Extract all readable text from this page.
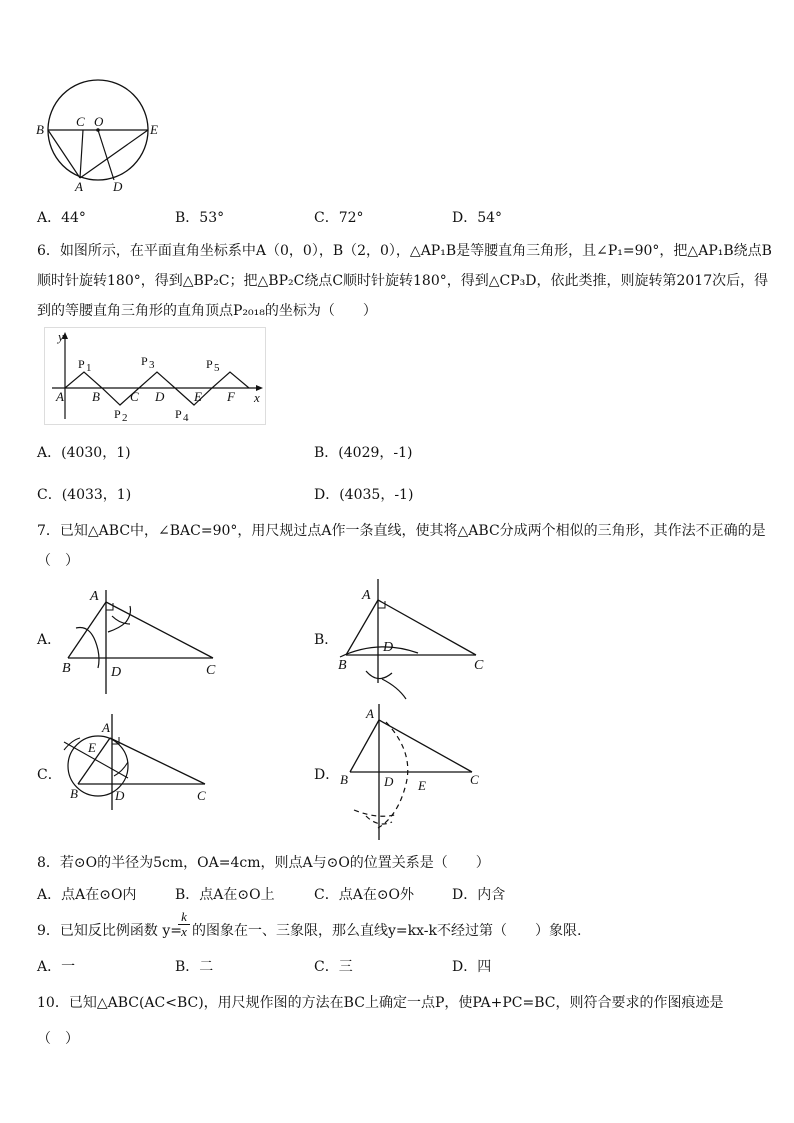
B
C O
E
A D
A．44°	B．53°	C．72°	D．54°
6．如图所示，在平面直角坐标系中A（0，0），B（2，0），△AP₁B是等腰直角三角形，且∠P₁=90°，把△AP₁B绕点B
顺时针旋转180°，得到△BP₂C；把△BP₂C绕点C顺时针旋转180°，得到△CP₃D，依此类推，则旋转第2017次后，得
到的等腰直角三角形的直角顶点P₂₀₁₈的坐标为（　　）
y
x
A B C D E F
P 1
P 2
P 3
P 4
P 5
A．(4030，1)	B．(4029，-1)
C．(4033，1)	D．(4035，-1)
7．已知△ABC中，∠BAC=90°，用尺规过点A作一条直线，使其将△ABC分成两个相似的三角形，其作法不正确的是
（　）
A．
A
B	C
D
B．
A
B	C
D
C．
A
B	C
D
E
D．
A
B	C
D E
8．若⊙O的半径为5cm，OA=4cm，则点A与⊙O的位置关系是（　　）
A．点A在⊙O内	B．点A在⊙O上	C．点A在⊙O外	D．内含
9．已知反比例函数 y=
k
x 的图象在一、三象限，那么直线y=kx-k不经过第（　　）象限.
A．一	B．二	C．三	D．四
10．已知△ABC(AC<BC)，用尺规作图的方法在BC上确定一点P，使PA+PC=BC，则符合要求的作图痕迹是
（　）
